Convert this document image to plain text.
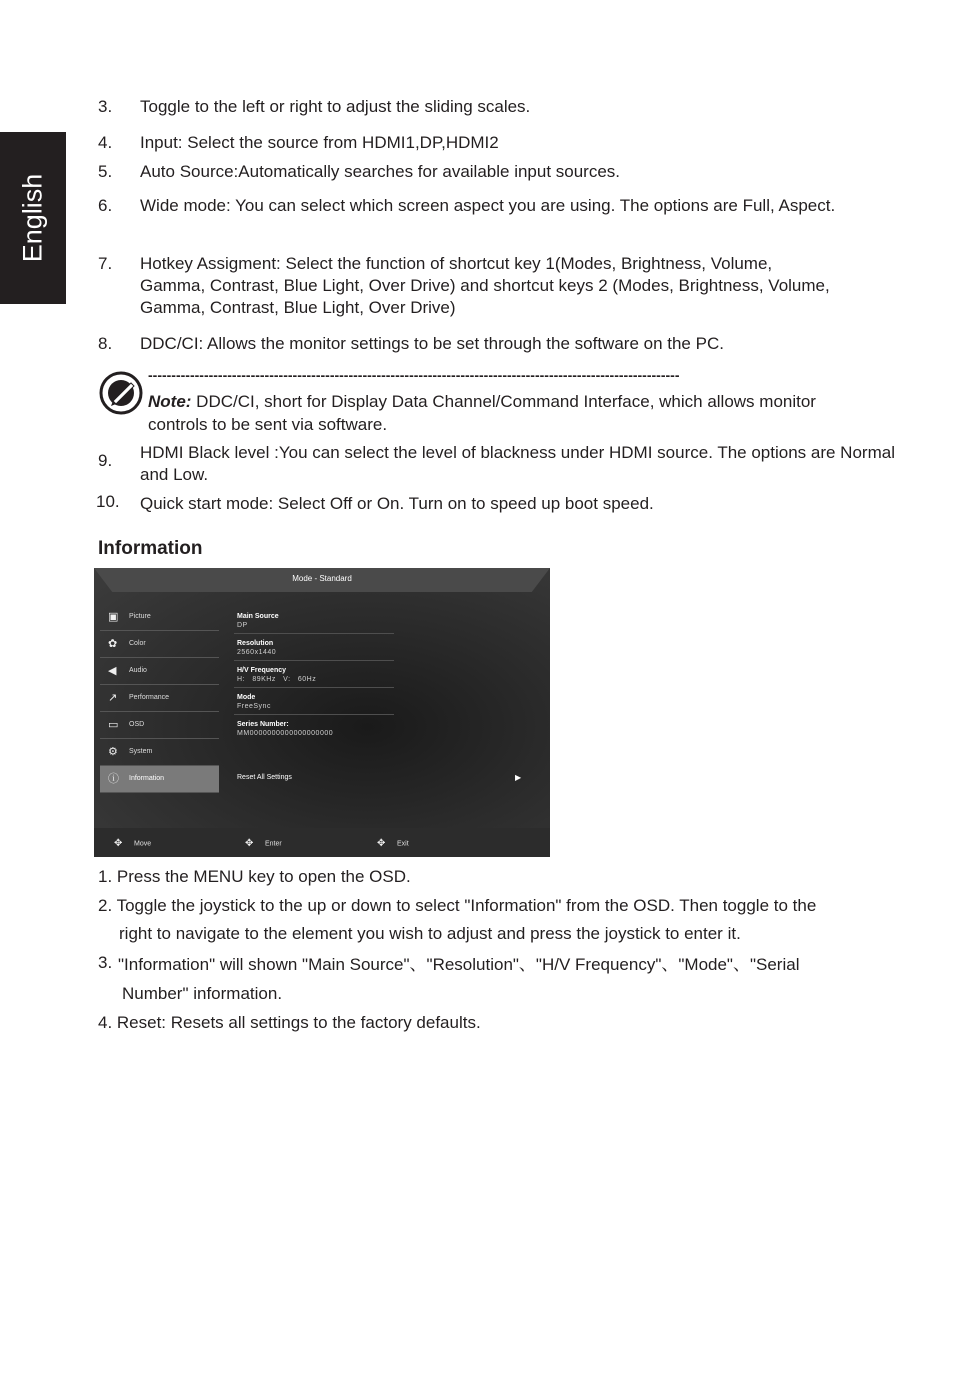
English
3. Toggle to the left or right to adjust the sliding scales.
4. Input: Select the source from HDMI1,DP,HDMI2
5. Auto Source:Automatically searches for available input sources.
6. Wide mode: You can select which screen aspect you are using. The options are Full, Aspect.
7. Hotkey Assigment: Select the function of shortcut key 1(Modes, Brightness, Volume, Gamma, Contrast, Blue Light, Over Drive) and shortcut keys 2 (Modes, Brightness, Volume, Gamma, Contrast, Blue Light, Over Drive)
8. DDC/CI: Allows the monitor settings to be set through the software on the PC.
------------------------------------------------------------------------------------------------------------------
Note: DDC/CI, short for Display Data Channel/Command Interface, which allows monitor controls to be sent via software.
9. HDMI Black level :You can select the level of blackness under HDMI source. The options are Normal and Low.
10. Quick start mode: Select Off or On. Turn on to speed up boot speed.
Information
Mode - Standard
▣ Picture
✿ Color
◀	Audio
↗ Performance
▭ OSD
⚙ System
ⓘ Information
Main Source
DP
Resolution
2560x1440
H/V Frequency
H:   89KHz   V:   60Hz
Mode
FreeSync
Series Number:
MM0000000000000000000
Reset All Settings	▶
✥ Move	✥ Enter	✥ Exit
1. Press the MENU key to open the OSD.
2. Toggle the joystick to the up or down to select "Information" from the OSD. Then toggle to the
right to navigate to the element you wish to adjust and press the joystick to enter it.
3. "Information" will shown "Main Source"、"Resolution"、"H/V Frequency"、"Mode"、"Serial
Number" information.
4. Reset: Resets all settings to the factory defaults.
